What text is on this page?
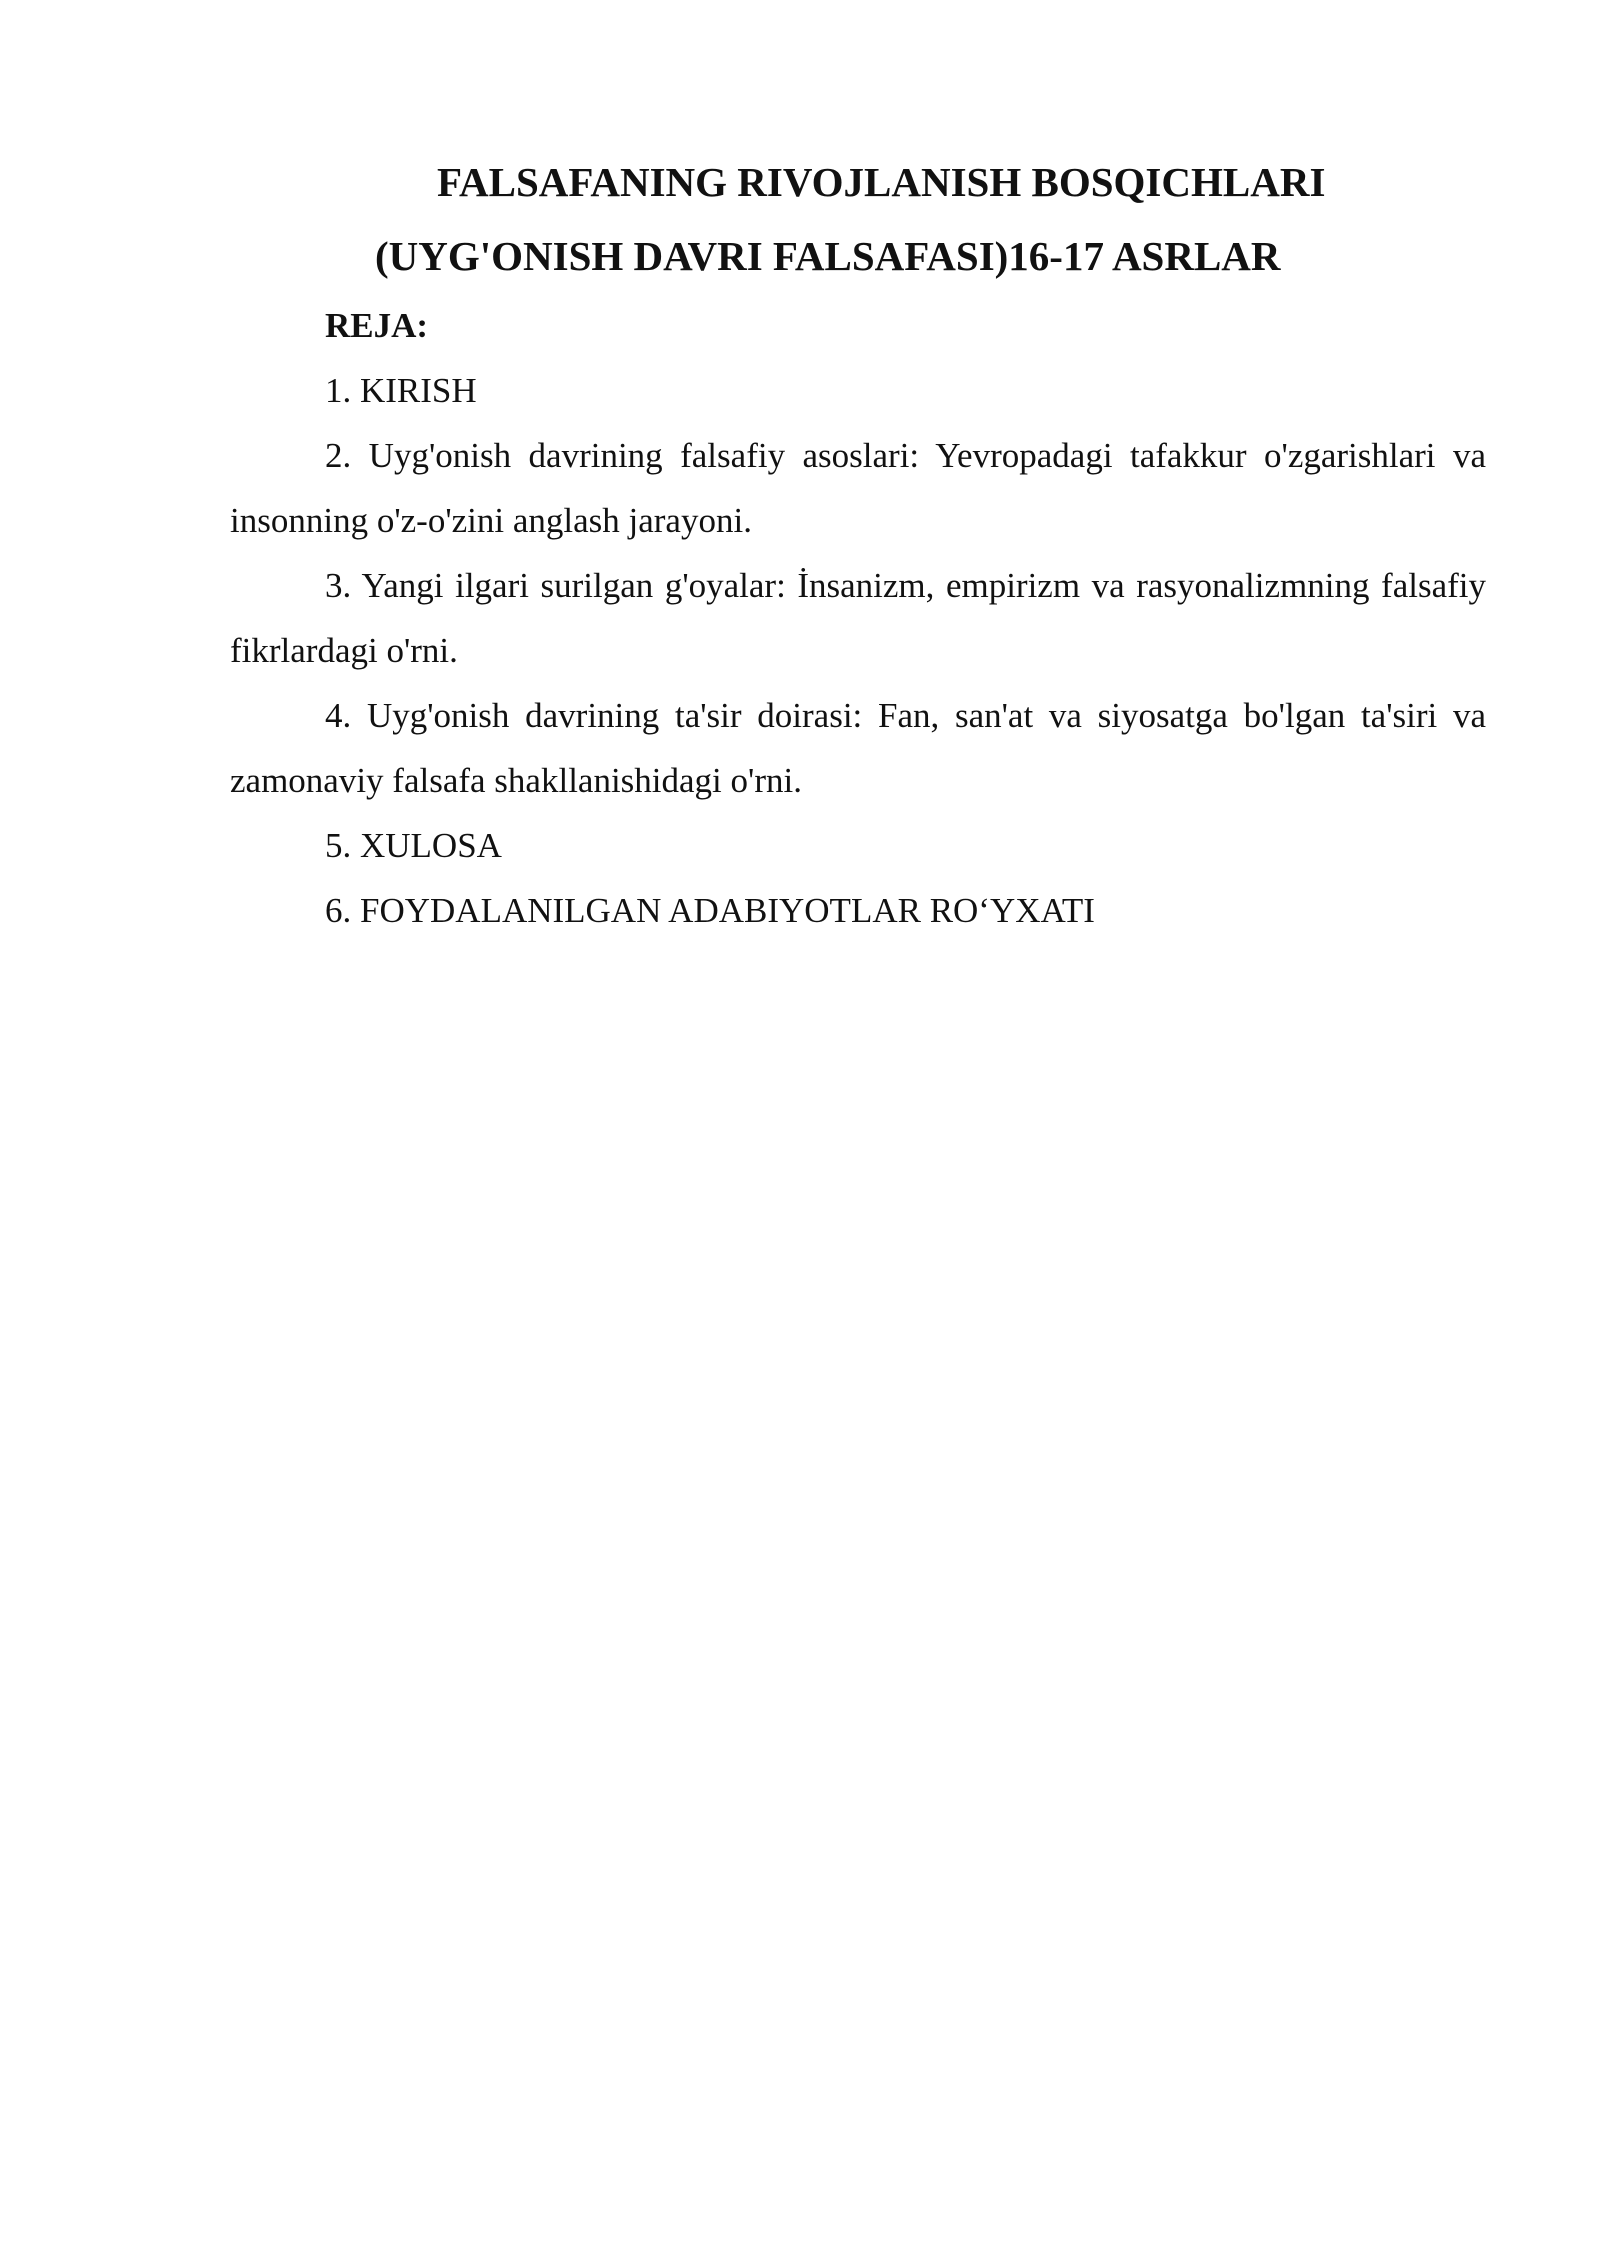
FALSAFANING RIVOJLANISH BOSQICHLARI

(UYG'ONISH DAVRI FALSAFASI)16-17 ASRLAR

REJA:

1. KIRISH

2. Uyg'onish davrining falsafiy asoslari: Yevropadagi tafakkur o'zgarishlari va insonning o'z-o'zini anglash jarayoni.

3. Yangi ilgari surilgan g'oyalar: İnsanizm, empirizm va rasyonalizmning falsafiy fikrlardagi o'rni.

4. Uyg'onish davrining ta'sir doirasi: Fan, san'at va siyosatga bo'lgan ta'siri va zamonaviy falsafa shakllanishidagi o'rni.

5. XULOSA

6. FOYDALANILGAN ADABIYOTLAR RO‘YXATI
